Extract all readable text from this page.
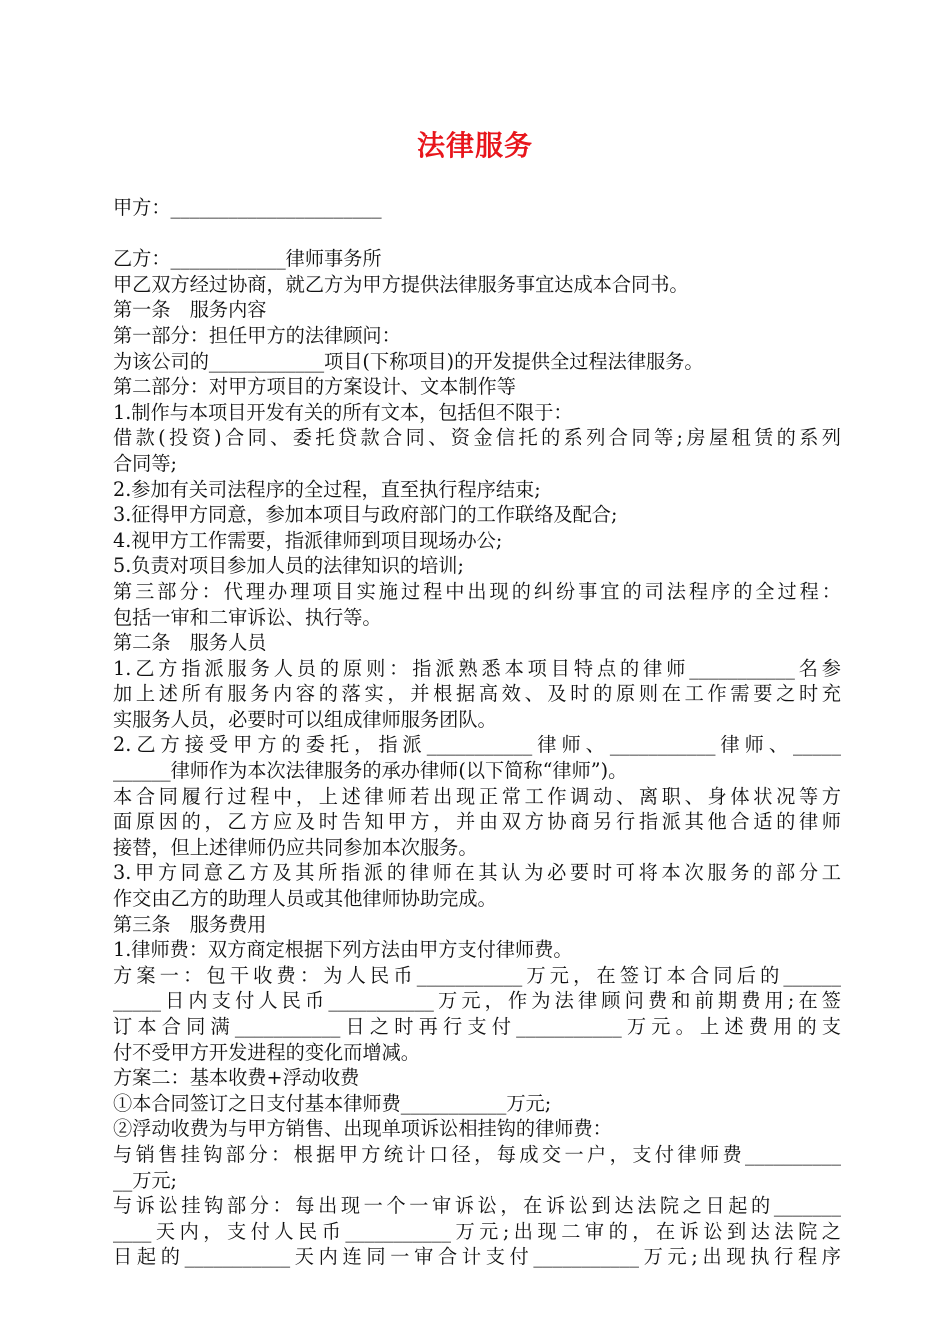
法律服务
甲方：______________________
乙方：____________律师事务所
甲乙双方经过协商，就乙方为甲方提供法律服务事宜达成本合同书。
第一条　服务内容
第一部分：担任甲方的法律顾问：
为该公司的____________项目(下称项目)的开发提供全过程法律服务。
第二部分：对甲方项目的方案设计、文本制作等
1.制作与本项目开发有关的所有文本，包括但不限于：
借款(投资)合同、委托贷款合同、资金信托的系列合同等;房屋租赁的系列
合同等;
2.参加有关司法程序的全过程，直至执行程序结束;
3.征得甲方同意，参加本项目与政府部门的工作联络及配合;
4.视甲方工作需要，指派律师到项目现场办公;
5.负责对项目参加人员的法律知识的培训;
第三部分：代理办理项目实施过程中出现的纠纷事宜的司法程序的全过程：
包括一审和二审诉讼、执行等。
第二条　服务人员
1.乙方指派服务人员的原则：指派熟悉本项目特点的律师___________名参
加上述所有服务内容的落实，并根据高效、及时的原则在工作需要之时充
实服务人员，必要时可以组成律师服务团队。
2.乙方接受甲方的委托，指派___________律师、___________律师、_____
______律师作为本次法律服务的承办律师(以下简称“律师”)。
本合同履行过程中，上述律师若出现正常工作调动、离职、身体状况等方
面原因的，乙方应及时告知甲方，并由双方协商另行指派其他合适的律师
接替，但上述律师仍应共同参加本次服务。
3.甲方同意乙方及其所指派的律师在其认为必要时可将本次服务的部分工
作交由乙方的助理人员或其他律师协助完成。
第三条　服务费用
1.律师费：双方商定根据下列方法由甲方支付律师费。
方案一：包干收费：为人民币___________万元，在签订本合同后的______
_____日内支付人民币___________万元，作为法律顾问费和前期费用;在签
订本合同满___________日之时再行支付___________万元。上述费用的支
付不受甲方开发进程的变化而增减。
方案二：基本收费+浮动收费
①本合同签订之日支付基本律师费___________万元;
②浮动收费为与甲方销售、出现单项诉讼相挂钩的律师费：
与销售挂钩部分：根据甲方统计口径，每成交一户，支付律师费__________
__万元;
与诉讼挂钩部分：每出现一个一审诉讼，在诉讼到达法院之日起的_______
____天内，支付人民币___________万元;出现二审的，在诉讼到达法院之
日起的___________天内连同一审合计支付___________万元;出现执行程序
